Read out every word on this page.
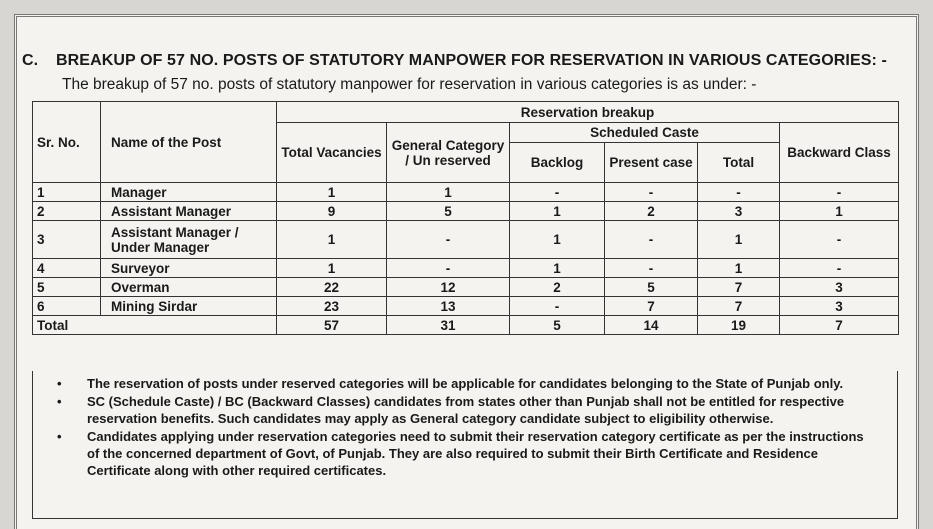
C. BREAKUP OF 57 NO. POSTS OF STATUTORY MANPOWER FOR RESERVATION IN VARIOUS CATEGORIES: -
The breakup of 57 no. posts of statutory manpower for reservation in various categories is as under: -
Sr. No.	Name of the Post	Reservation breakup					
		Total Vacancies	General Category / Un reserved	Scheduled Caste			Backward Class
				Backlog	Present case	Total	
1	Manager	1	1	-	-	-	-
2	Assistant Manager	9	5	1	2	3	1
3	Assistant Manager / Under Manager	1	-	1	-	1	-
4	Surveyor	1	-	1	-	1	-
5	Overman	22	12	2	5	7	3
6	Mining Sirdar	23	13	-	7	7	3
Total		57	31	5	14	19	7
• The reservation of posts under reserved categories will be applicable for candidates belonging to the State of Punjab only.
• SC (Schedule Caste) / BC (Backward Classes) candidates from states other than Punjab shall not be entitled for respective reservation benefits. Such candidates may apply as General category candidate subject to eligibility otherwise.
• Candidates applying under reservation categories need to submit their reservation category certificate as per the instructions of the concerned department of Govt, of Punjab. They are also required to submit their Birth Certificate and Residence Certificate along with other required certificates.
